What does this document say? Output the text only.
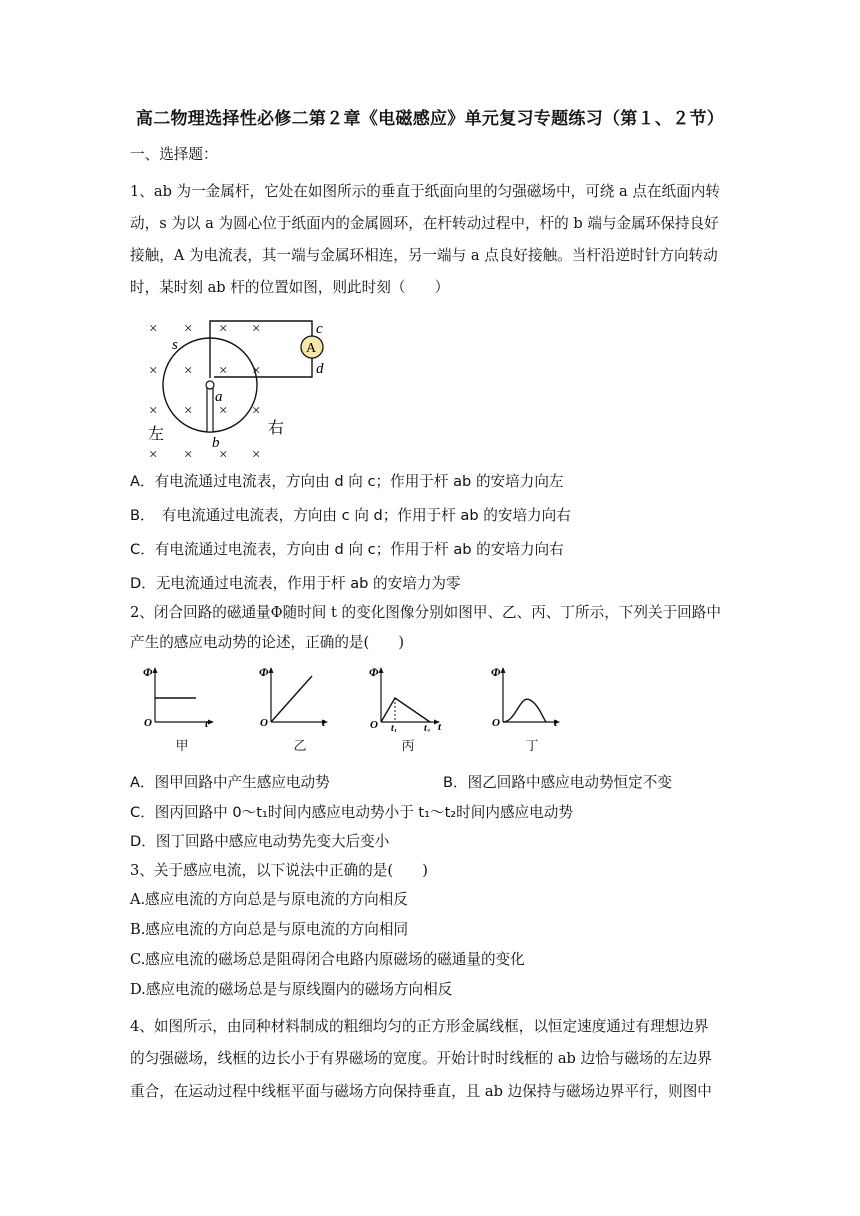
高二物理选择性必修二第２章《电磁感应》单元复习专题练习（第１、２节）
一、选择题：
1、ab 为一金属杆，它处在如图所示的垂直于纸面向里的匀强磁场中，可绕 a 点在纸面内转
动，s 为以 a 为圆心位于纸面内的金属圆环，在杆转动过程中，杆的 b 端与金属环保持良好
接触，A 为电流表，其一端与金属环相连，另一端与 a 点良好接触。当杆沿逆时针方向转动
时，某时刻 ab 杆的位置如图，则此时刻（　　）
× × × ×
× × × ×
× × × ×
× × × ×
A
s
a
b
c
d
左	右
A．有电流通过电流表，方向由 d 向 c；作用于杆 ab 的安培力向左
B．　有电流通过电流表，方向由 c 向 d；作用于杆 ab 的安培力向右
C．有电流通过电流表，方向由 d 向 c；作用于杆 ab 的安培力向右
D．无电流通过电流表，作用于杆 ab 的安培力为零
2、闭合回路的磁通量Φ随时间 t 的变化图像分别如图甲、乙、丙、丁所示，下列关于回路中
产生的感应电动势的论述，正确的是(　　)
Φ
O	t
Φ
O	t
Φ
O t₁	t₂ t
Φ
O	t
甲	乙	丙	丁
A．图甲回路中产生感应电动势	B．图乙回路中感应电动势恒定不变
C．图丙回路中 0～t₁时间内感应电动势小于 t₁～t₂时间内感应电动势
D．图丁回路中感应电动势先变大后变小
3、关于感应电流，以下说法中正确的是(　　)
A.感应电流的方向总是与原电流的方向相反
B.感应电流的方向总是与原电流的方向相同
C.感应电流的磁场总是阻碍闭合电路内原磁场的磁通量的变化
D.感应电流的磁场总是与原线圈内的磁场方向相反
4、如图所示，由同种材料制成的粗细均匀的正方形金属线框，以恒定速度通过有理想边界
的匀强磁场，线框的边长小于有界磁场的宽度。开始计时时线框的 ab 边恰与磁场的左边界
重合，在运动过程中线框平面与磁场方向保持垂直，且 ab 边保持与磁场边界平行，则图中
